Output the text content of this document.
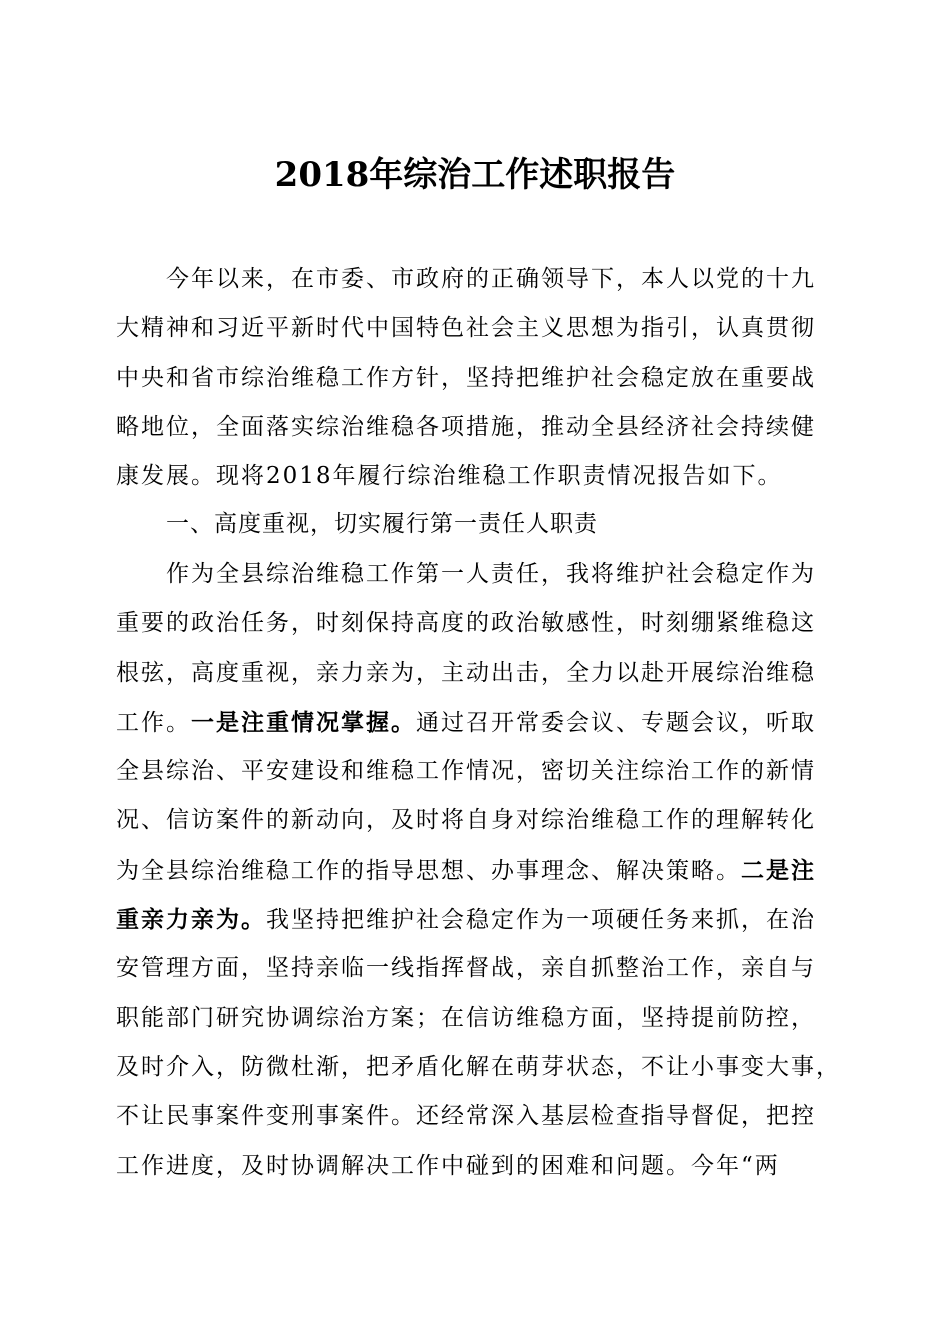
2018年综治工作述职报告
今年以来，在市委、市政府的正确领导下，本人以党的十九
大精神和习近平新时代中国特色社会主义思想为指引，认真贯彻
中央和省市综治维稳工作方针，坚持把维护社会稳定放在重要战
略地位，全面落实综治维稳各项措施，推动全县经济社会持续健
康发展。现将2018年履行综治维稳工作职责情况报告如下。
一、高度重视，切实履行第一责任人职责
作为全县综治维稳工作第一人责任，我将维护社会稳定作为
重要的政治任务，时刻保持高度的政治敏感性，时刻绷紧维稳这
根弦，高度重视，亲力亲为，主动出击，全力以赴开展综治维稳
工作。一是注重情况掌握。通过召开常委会议、专题会议，听取
全县综治、平安建设和维稳工作情况，密切关注综治工作的新情
况、信访案件的新动向，及时将自身对综治维稳工作的理解转化
为全县综治维稳工作的指导思想、办事理念、解决策略。二是注
重亲力亲为。我坚持把维护社会稳定作为一项硬任务来抓，在治
安管理方面，坚持亲临一线指挥督战，亲自抓整治工作，亲自与
职能部门研究协调综治方案；在信访维稳方面，坚持提前防控，
及时介入，防微杜渐，把矛盾化解在萌芽状态，不让小事变大事，
不让民事案件变刑事案件。还经常深入基层检查指导督促，把控
工作进度，及时协调解决工作中碰到的困难和问题。今年“两
